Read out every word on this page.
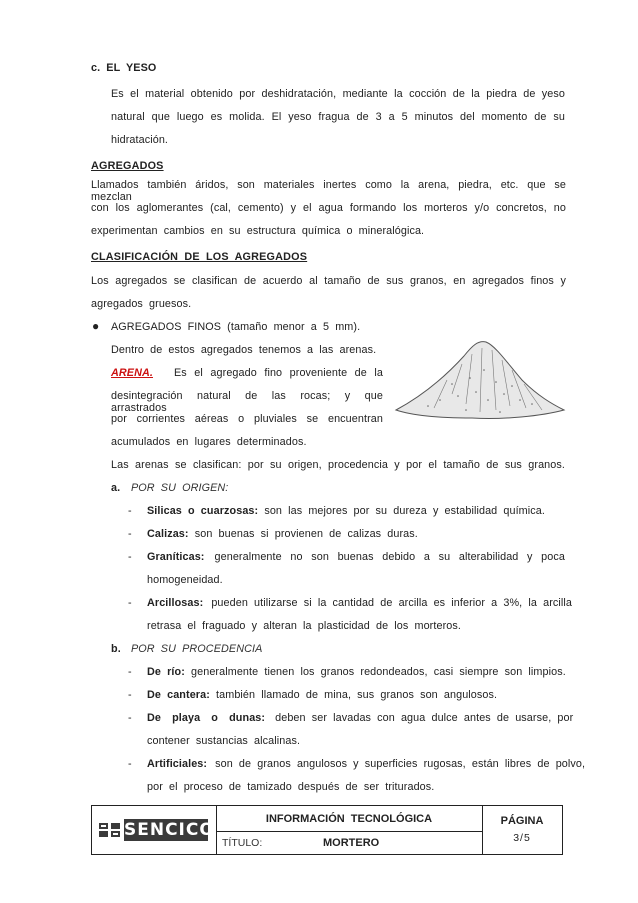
c. EL YESO
Es el material obtenido por deshidratación, mediante la cocción de la piedra de yeso
natural que luego es molida. El yeso fragua de 3 a 5 minutos del momento de su
hidratación.
AGREGADOS
Llamados también áridos, son materiales inertes como la arena, piedra, etc. que se mezclan
con los aglomerantes (cal, cemento) y el agua formando los morteros y/o concretos, no
experimentan cambios en su estructura química o mineralógica.
CLASIFICACIÓN DE LOS AGREGADOS
Los agregados se clasifican de acuerdo al tamaño de sus granos, en agregados finos y
agregados gruesos.
● AGREGADOS FINOS (tamaño menor a 5 mm).
Dentro de estos agregados tenemos a las arenas.
ARENA. Es el agregado fino proveniente de la
desintegración natural de las rocas; y que arrastrados
por corrientes aéreas o pluviales se encuentran
acumulados en lugares determinados.
Las arenas se clasifican: por su origen, procedencia y por el tamaño de sus granos.
a. POR SU ORIGEN:
- Silicas o cuarzosas: son las mejores por su dureza y estabilidad química.
- Calizas: son buenas si provienen de calizas duras.
- Graníticas: generalmente no son buenas debido a su alterabilidad y poca
homogeneidad.
- Arcillosas: pueden utilizarse si la cantidad de arcilla es inferior a 3%, la arcilla
retrasa el fraguado y alteran la plasticidad de los morteros.
b. POR SU PROCEDENCIA
- De río: generalmente tienen los granos redondeados, casi siempre son limpios.
- De cantera: también llamado de mina, sus granos son angulosos.
- De playa o dunas: deben ser lavadas con agua dulce antes de usarse, por
contener sustancias alcalinas.
- Artificiales: son de granos angulosos y superficies rugosas, están libres de polvo,
por el proceso de tamizado después de ser triturados.
SENCICO
INFORMACIÓN TECNOLÓGICA
TÍTULO:	MORTERO
PÁGINA
3/5
